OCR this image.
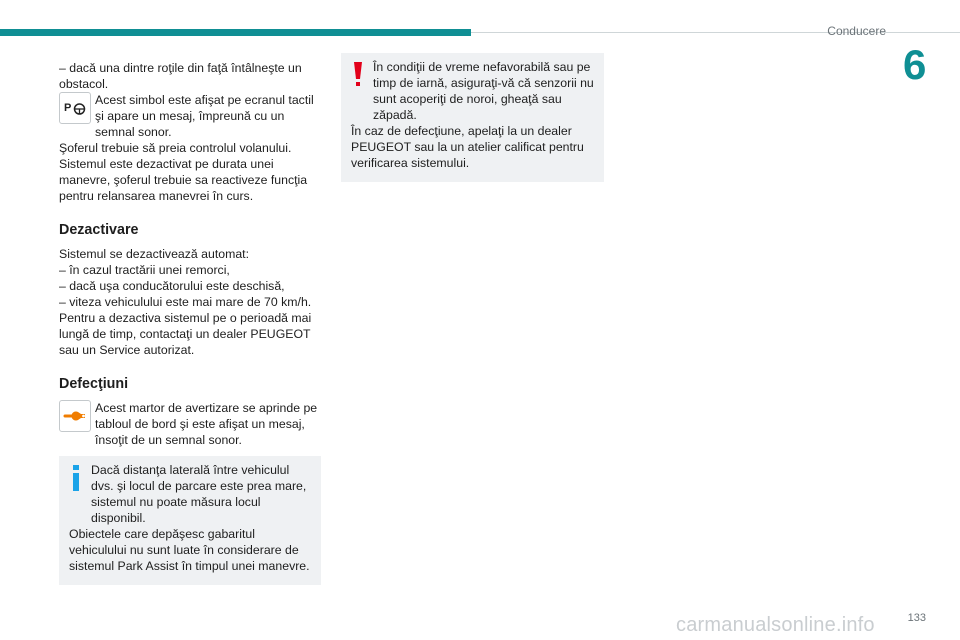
Conducere
6

– dacă una dintre roţile din faţă întâlneşte un obstacol.

P
Acest simbol este afişat pe ecranul tactil şi apare un mesaj, împreună cu un semnal sonor.

Şoferul trebuie să preia controlul volanului.

Sistemul este dezactivat pe durata unei manevre, şoferul trebuie sa reactiveze funcţia pentru relansarea manevrei în curs.

Dezactivare

Sistemul se dezactivează automat:

– în cazul tractării unei remorci,

– dacă uşa conducătorului este deschisă,

– viteza vehiculului este mai mare de 70 km/h.

Pentru a dezactiva sistemul pe o perioadă mai lungă de timp, contactaţi un dealer PEUGEOT sau un Service autorizat.

Defecţiuni
Acest martor de avertizare se aprinde pe tabloul de bord şi este afişat un mesaj, însoţit de un semnal sonor.
Dacă distanţa laterală între vehiculul dvs. şi locul de parcare este prea mare, sistemul nu poate măsura locul disponibil.

Obiectele care depăşesc gabaritul vehiculului nu sunt luate în considerare de sistemul Park Assist în timpul unei manevre.

În condiţii de vreme nefavorabilă sau pe timp de iarnă, asiguraţi-vă că senzorii nu sunt acoperiţi de noroi, gheaţă sau zăpadă.

În caz de defecţiune, apelaţi la un dealer PEUGEOT sau la un atelier calificat pentru verificarea sistemului.

carmanualsonline.info	133
